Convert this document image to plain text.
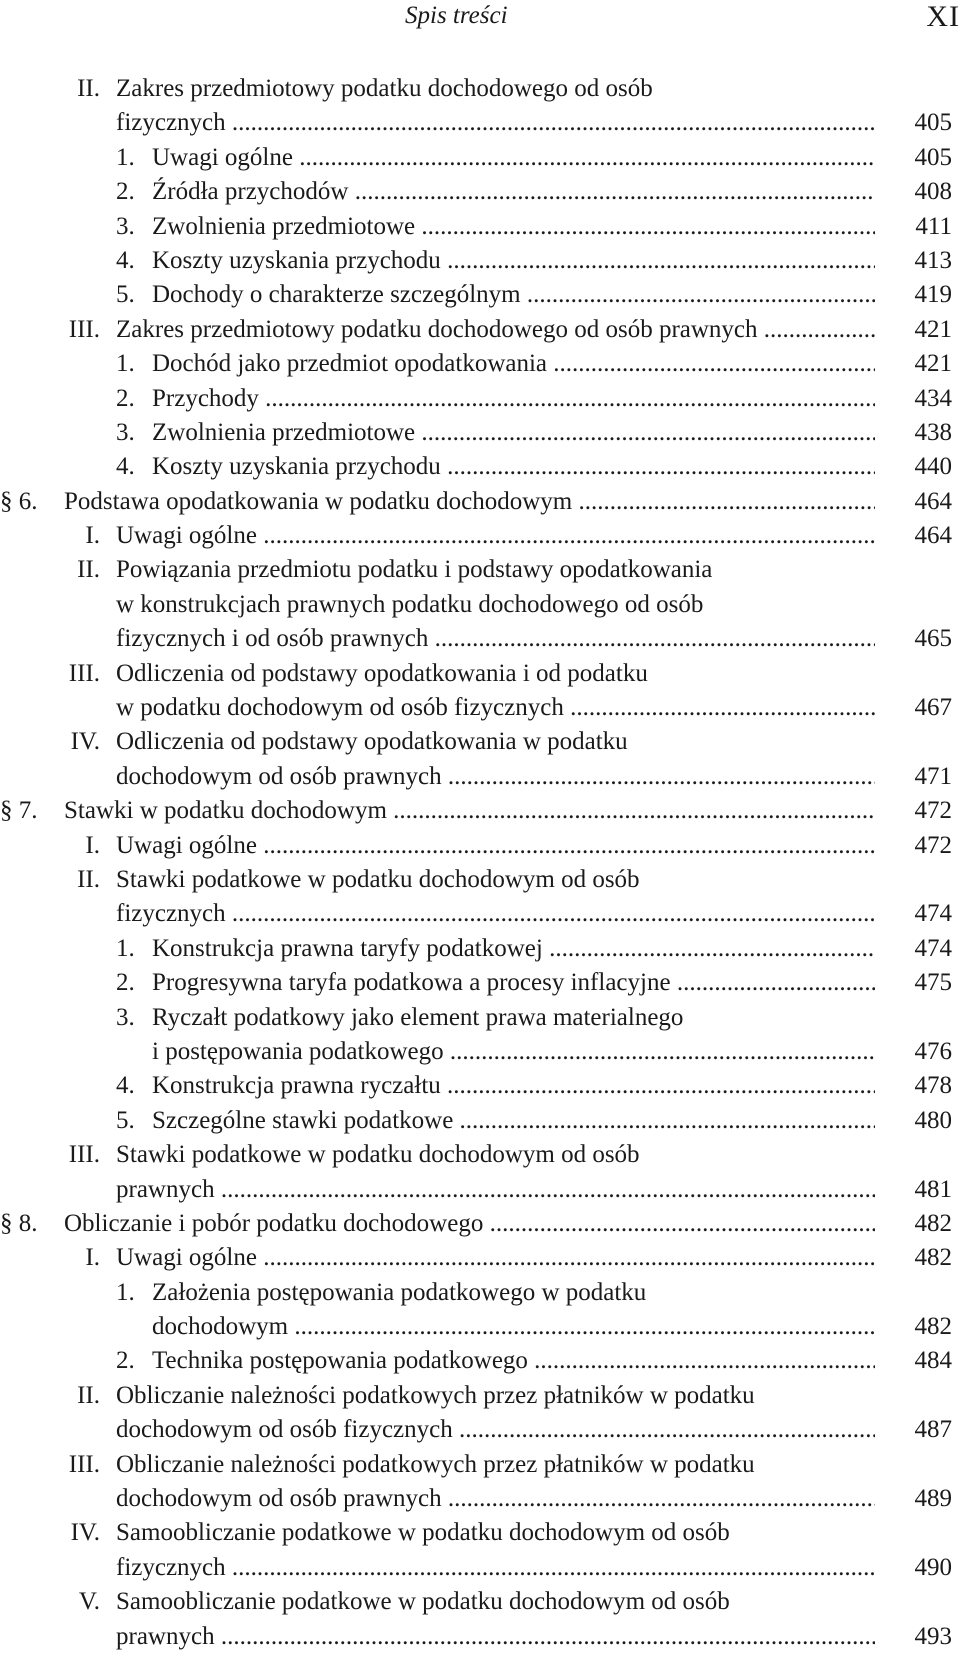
Spis treści	XI
II. Zakres przedmiotowy podatku dochodowego od osób
fizycznych .....	405
1. Uwagi ogólne .....	405
2. Źródła przychodów .....	408
3. Zwolnienia przedmiotowe .....	411
4. Koszty uzyskania przychodu .....	413
5. Dochody o charakterze szczególnym .....	419
III. Zakres przedmiotowy podatku dochodowego od osób prawnych .....	421
1. Dochód jako przedmiot opodatkowania .....	421
2. Przychody .....	434
3. Zwolnienia przedmiotowe .....	438
4. Koszty uzyskania przychodu .....	440
§ 6. Podstawa opodatkowania w podatku dochodowym .....	464
I. Uwagi ogólne .....	464
II. Powiązania przedmiotu podatku i podstawy opodatkowania
w konstrukcjach prawnych podatku dochodowego od osób
fizycznych i od osób prawnych .....	465
III. Odliczenia od podstawy opodatkowania i od podatku
w podatku dochodowym od osób fizycznych .....	467
IV. Odliczenia od podstawy opodatkowania w podatku
dochodowym od osób prawnych .....	471
§ 7. Stawki w podatku dochodowym .....	472
I. Uwagi ogólne .....	472
II. Stawki podatkowe w podatku dochodowym od osób
fizycznych .....	474
1. Konstrukcja prawna taryfy podatkowej .....	474
2. Progresywna taryfa podatkowa a procesy inflacyjne .....	475
3. Ryczałt podatkowy jako element prawa materialnego
i postępowania podatkowego .....	476
4. Konstrukcja prawna ryczałtu .....	478
5. Szczególne stawki podatkowe .....	480
III. Stawki podatkowe w podatku dochodowym od osób
prawnych .....	481
§ 8. Obliczanie i pobór podatku dochodowego .....	482
I. Uwagi ogólne .....	482
1. Założenia postępowania podatkowego w podatku
dochodowym .....	482
2. Technika postępowania podatkowego .....	484
II. Obliczanie należności podatkowych przez płatników w podatku
dochodowym od osób fizycznych .....	487
III. Obliczanie należności podatkowych przez płatników w podatku
dochodowym od osób prawnych .....	489
IV. Samoobliczanie podatkowe w podatku dochodowym od osób
fizycznych .....	490
V. Samoobliczanie podatkowe w podatku dochodowym od osób
prawnych .....	493
